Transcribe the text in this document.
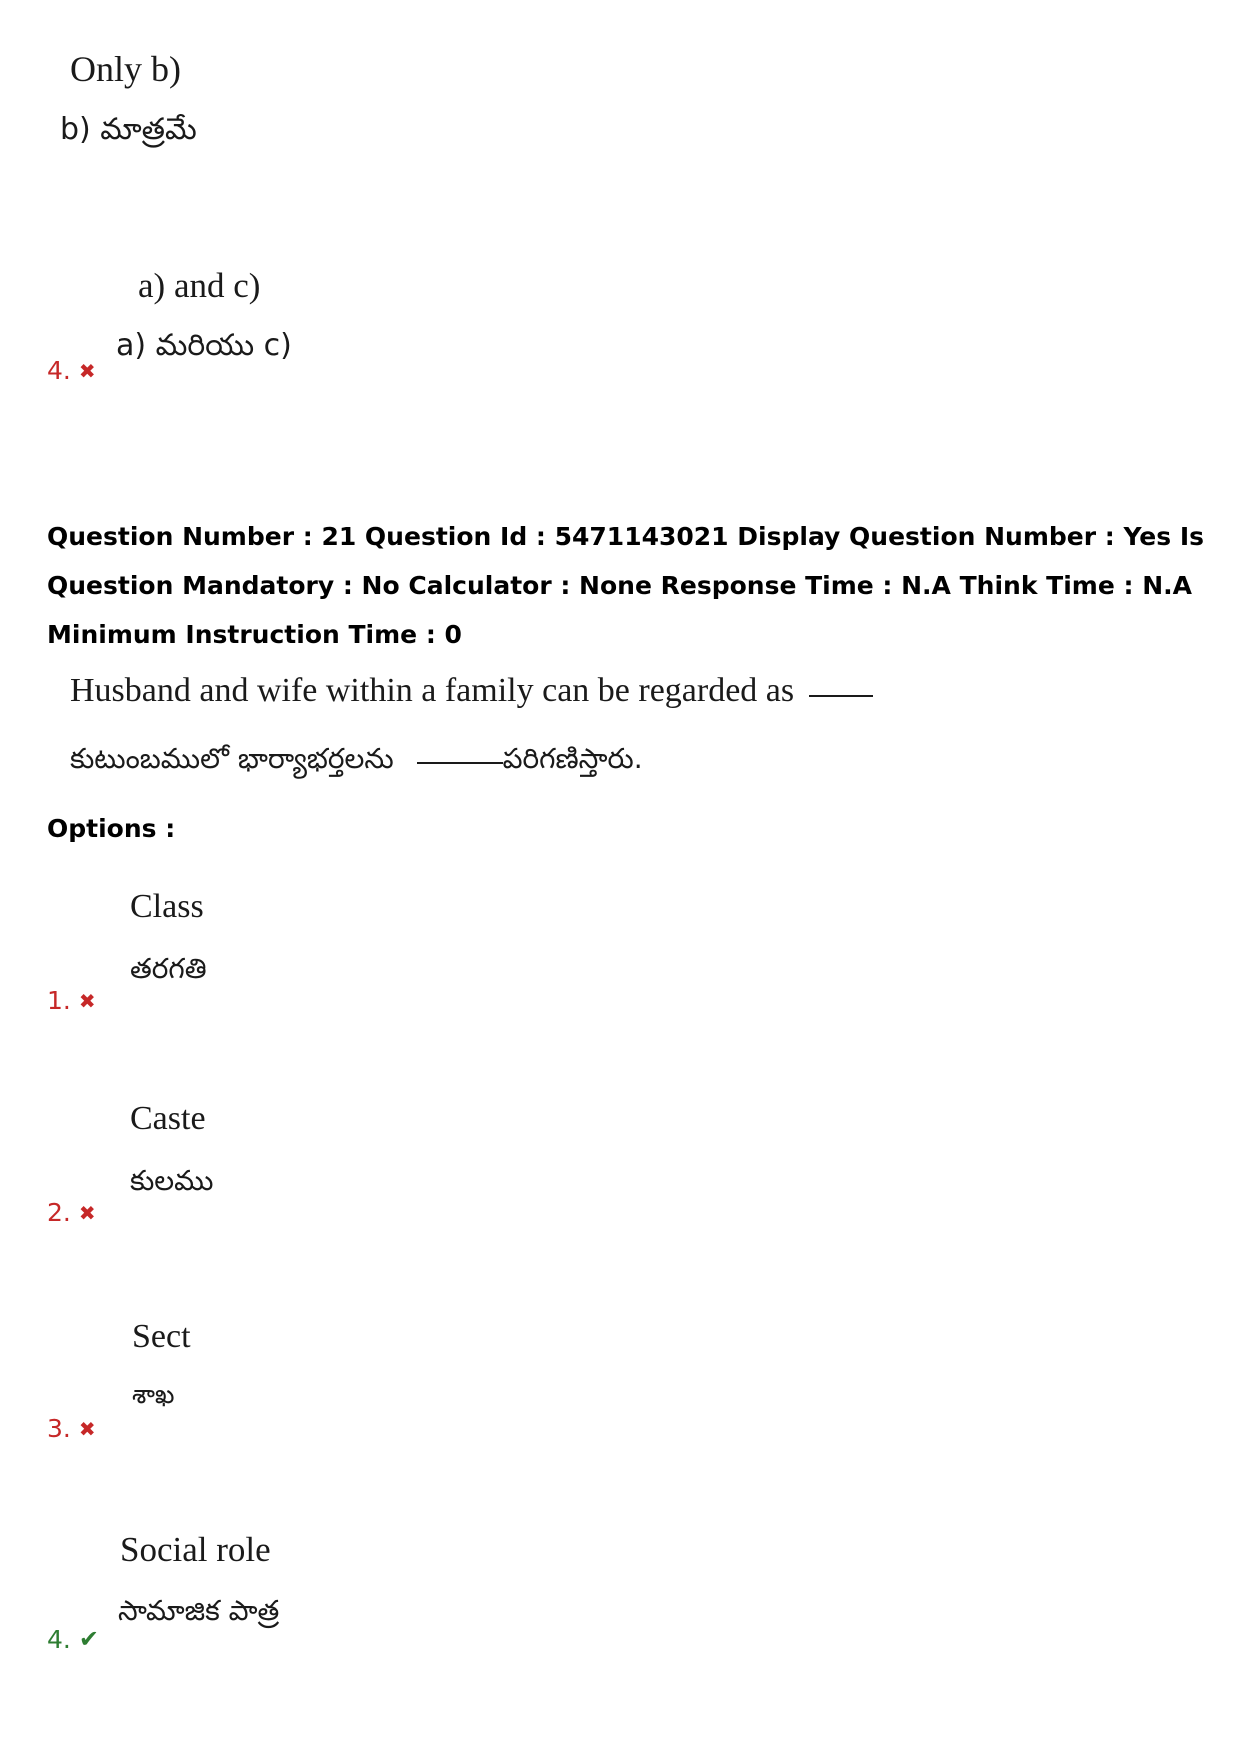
Only b)
b) మాత్రమే
a) and c)
a) మరియు c)
4. ✖
Question Number : 21 Question Id : 5471143021 Display Question Number : Yes Is Question Mandatory : No Calculator : None Response Time : N.A Think Time : N.A Minimum Instruction Time : 0
Husband and wife within a family can be regarded as
కుటుంబములో భార్యాభర్తలను	పరిగణిస్తారు.
Options :
Class
తరగతి
1. ✖
Caste
కులము
2. ✖
Sect
శాఖ
3. ✖
Social role
సామాజిక పాత్ర
4. ✔
